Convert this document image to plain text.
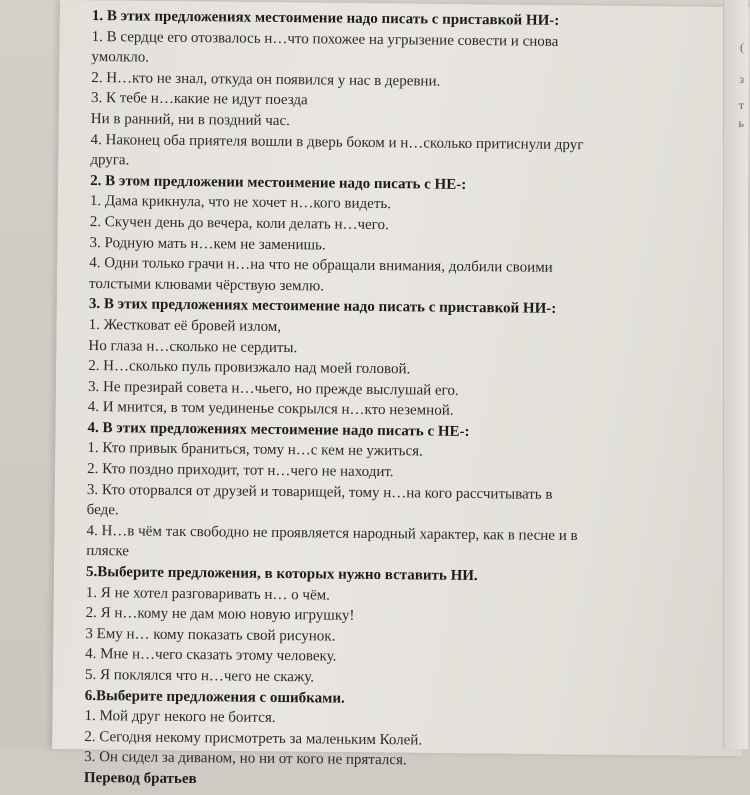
(
з
т
ь
1. В этих предложениях местоимение надо писать с приставкой НИ-:
1. В сердце его отозвалось н…что похожее на угрызение совести и снова
умолкло.
2. Н…кто не знал, откуда он появился у нас в деревни.
3. К тебе н…какие не идут поезда
Ни в ранний, ни в поздний час.
4. Наконец оба приятеля вошли в дверь боком и н…сколько притиснули друг
друга.
2. В этом предложении местоимение надо писать с НЕ-:
1. Дама крикнула, что не хочет н…кого видеть.
2. Скучен день до вечера, коли делать н…чего.
3. Родную мать н…кем не заменишь.
4. Одни только грачи н…на что не обращали внимания, долбили своими
толстыми клювами чёрствую землю.
3. В этих предложениях местоимение надо писать с приставкой НИ-:
1. Жестковат её бровей излом,
Но глаза н…сколько не сердиты.
2. Н…сколько пуль провизжало над моей головой.
3. Не презирай совета н…чьего, но прежде выслушай его.
4. И мнится, в том уединенье сокрылся н…кто неземной.
4. В этих предложениях местоимение надо писать с НЕ-:
1. Кто привык браниться, тому н…с кем не ужиться.
2. Кто поздно приходит, тот н…чего не находит.
3. Кто оторвался от друзей и товарищей, тому н…на кого рассчитывать в
беде.
4. Н…в чём так свободно не проявляется народный характер, как в песне и в
пляске
5.Выберите предложения, в которых нужно вставить НИ.
1. Я не хотел разговаривать н… о чём.
2. Я н…кому не дам мою новую игрушку!
3 Ему н… кому показать свой рисунок.
4. Мне н…чего сказать этому человеку.
5. Я поклялся что н…чего не скажу.
6.Выберите предложения с ошибками.
1. Мой друг некого не боится.
2. Сегодня некому присмотреть за маленьким Колей.
3. Он сидел за диваном, но ни от кого не прятался.
Перевод братьев
